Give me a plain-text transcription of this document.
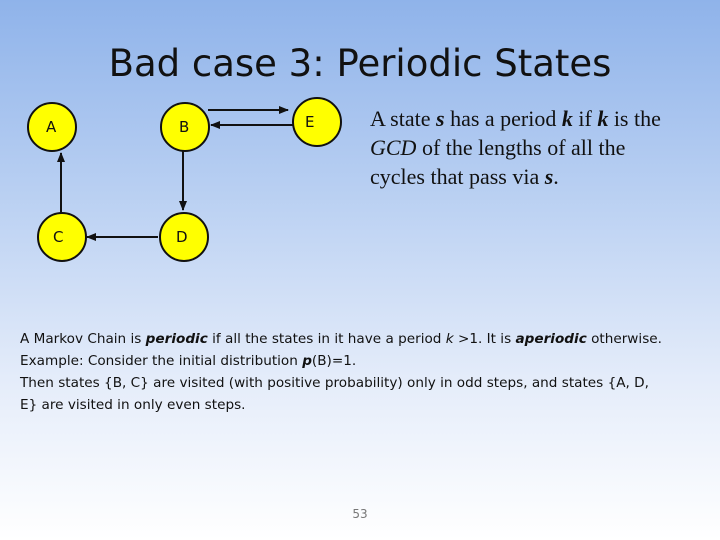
Bad case 3: Periodic States
A	B	E
C	D
A state s has a period k if k is the
GCD of the lengths of all the
cycles that pass via s.
A Markov Chain is periodic if all the states in it have a period k >1. It is aperiodic otherwise.
Example: Consider the initial distribution p(B)=1.
Then states {B, C} are visited (with positive probability) only in odd steps, and states {A, D,
E} are visited in only even steps.
53
